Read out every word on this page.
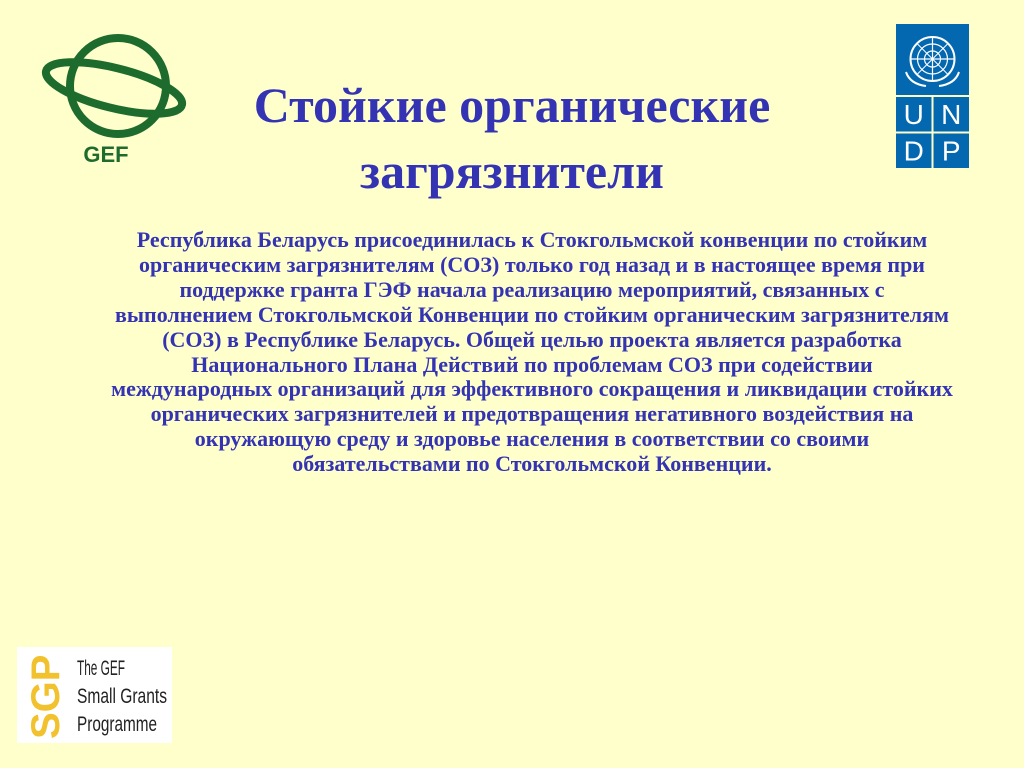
GEF
U N
D P
Стойкие органические
загрязнители

Республика Беларусь присоединилась к Стокгольмской конвенции по стойким органическим загрязнителям (СОЗ) только год назад и в настоящее время при поддержке гранта ГЭФ начала реализацию мероприятий, связанных с выполнением Стокгольмской Конвенции по стойким органическим загрязнителям (СОЗ) в Республике Беларусь. Общей целью проекта является разработка Национального Плана Действий по проблемам СОЗ при содействии международных организаций для эффективного сокращения и ликвидации стойких органических загрязнителей и предотвращения негативного воздействия на окружающую среду и здоровье населения в соответствии со своими обязательствами по Стокгольмской Конвенции.

SGP The GEF
Small Grants
Programme
